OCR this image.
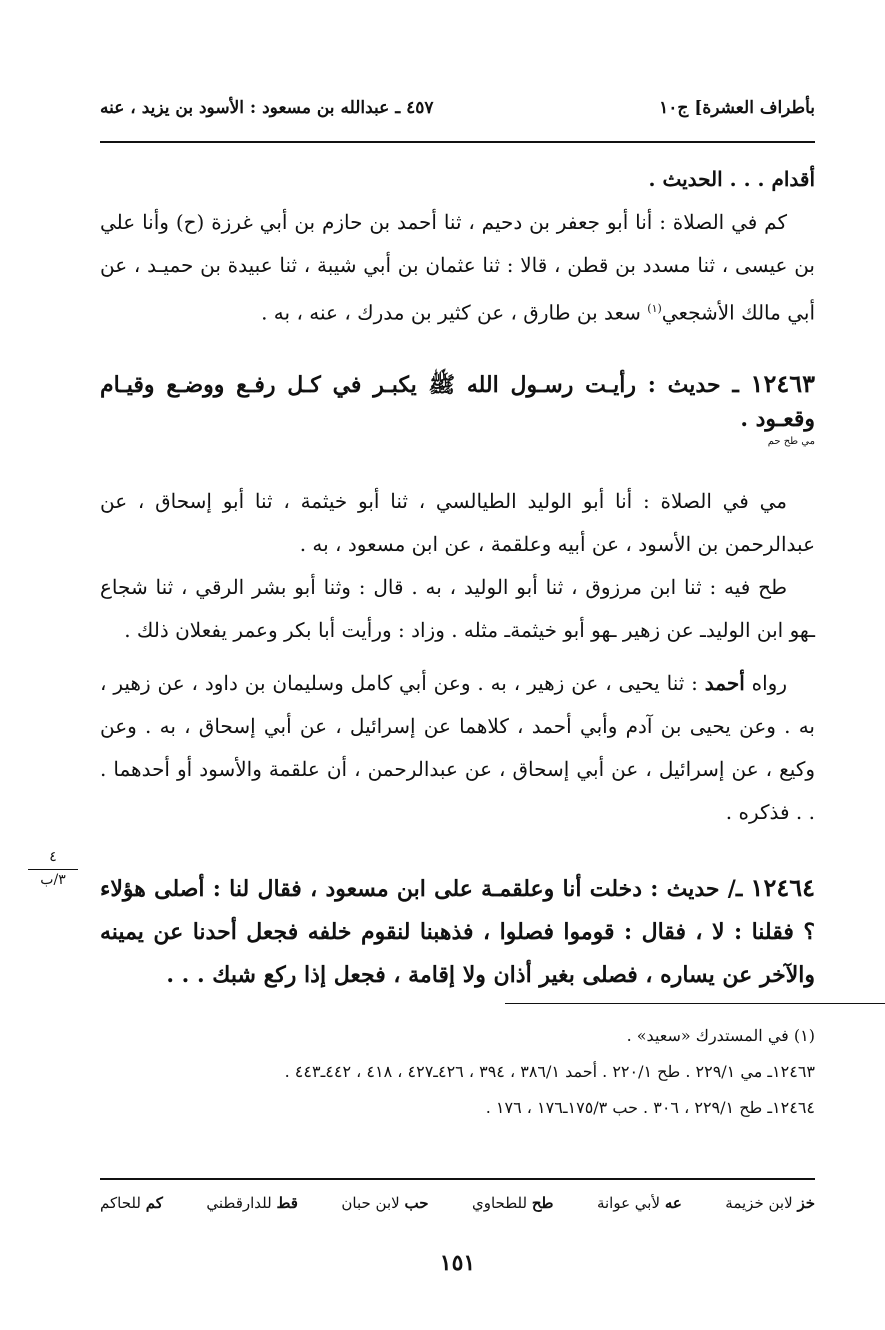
بأطراف العشرة] ج١٠
٤٥٧ ـ عبدالله بن مسعود : الأسود بن يزيد ، عنه

أقدام . . . الحديث .

كم في الصلاة : أنا أبو جعفر بن دحيم ، ثنا أحمد بن حازم بن أبي غرزة (ح) وأنا علي بن عيسى ، ثنا مسدد بن قطن ، قالا : ثنا عثمان بن أبي شيبة ، ثنا عبيدة بن حميـد ، عن أبي مالك الأشجعي$^{(١)}$ سعد بن طارق ، عن كثير بن مدرك ، عنه ، به .

١٢٤٦٣ ـ حديث : رأيـت رسـول الله ﷺ يكبـر في كـل رفـع ووضـع وقيـام وقعـود .
مي طح حم

مي في الصلاة : أنا أبو الوليد الطيالسي ، ثنا أبو خيثمة ، ثنا أبو إسحاق ، عن عبدالرحمن بن الأسود ، عن أبيه وعلقمة ، عن ابن مسعود ، به .

طح فيه : ثنا ابن مرزوق ، ثنا أبو الوليد ، به . قال : وثنا أبو بشر الرقي ، ثنا شجاع ـهو ابن الوليدـ عن زهير ـهو أبو خيثمةـ مثله . وزاد : ورأيت أبا بكر وعمر يفعلان ذلك .

رواه أحمد : ثنا يحيى ، عن زهير ، به . وعن أبي كامل وسليمان بن داود ، عن زهير ، به . وعن يحيى بن آدم وأبي أحمد ، كلاهما عن إسرائيل ، عن أبي إسحاق ، به . وعن وكيع ، عن إسرائيل ، عن أبي إسحاق ، عن عبدالرحمن ، أن علقمة والأسود أو أحدهما . . . فذكره .

١٢٤٦٤ ـ/ حديث : دخلت أنا وعلقمـة على ابن مسعود ، فقال لنا : أصلى هؤلاء ؟ فقلنا : لا ، فقال : قوموا فصلوا ، فذهبنا لنقوم خلفه فجعل أحدنا عن يمينه والآخر عن يساره ، فصلى بغير أذان ولا إقامة ، فجعل إذا ركع شبك . . .

(١) في المستدرك «سعيد» .

١٢٤٦٣ـ مي ٢٢٩/١ . طح ٢٢٠/١ . أحمد ٣٨٦/١ ، ٣٩٤ ، ٤٢٦ـ٤٢٧ ، ٤١٨ ، ٤٤٢ـ٤٤٣ .

١٢٤٦٤ـ طح ٢٢٩/١ ، ٣٠٦ . حب ١٧٥/٣ـ١٧٦ ، ١٧٦ .

خز لابن خزيمة
عه لأبي عوانة
طح للطحاوي
حب لابن حبان
قط للدارقطني
كم للحاكم
١٥١
٤
٣/ب
